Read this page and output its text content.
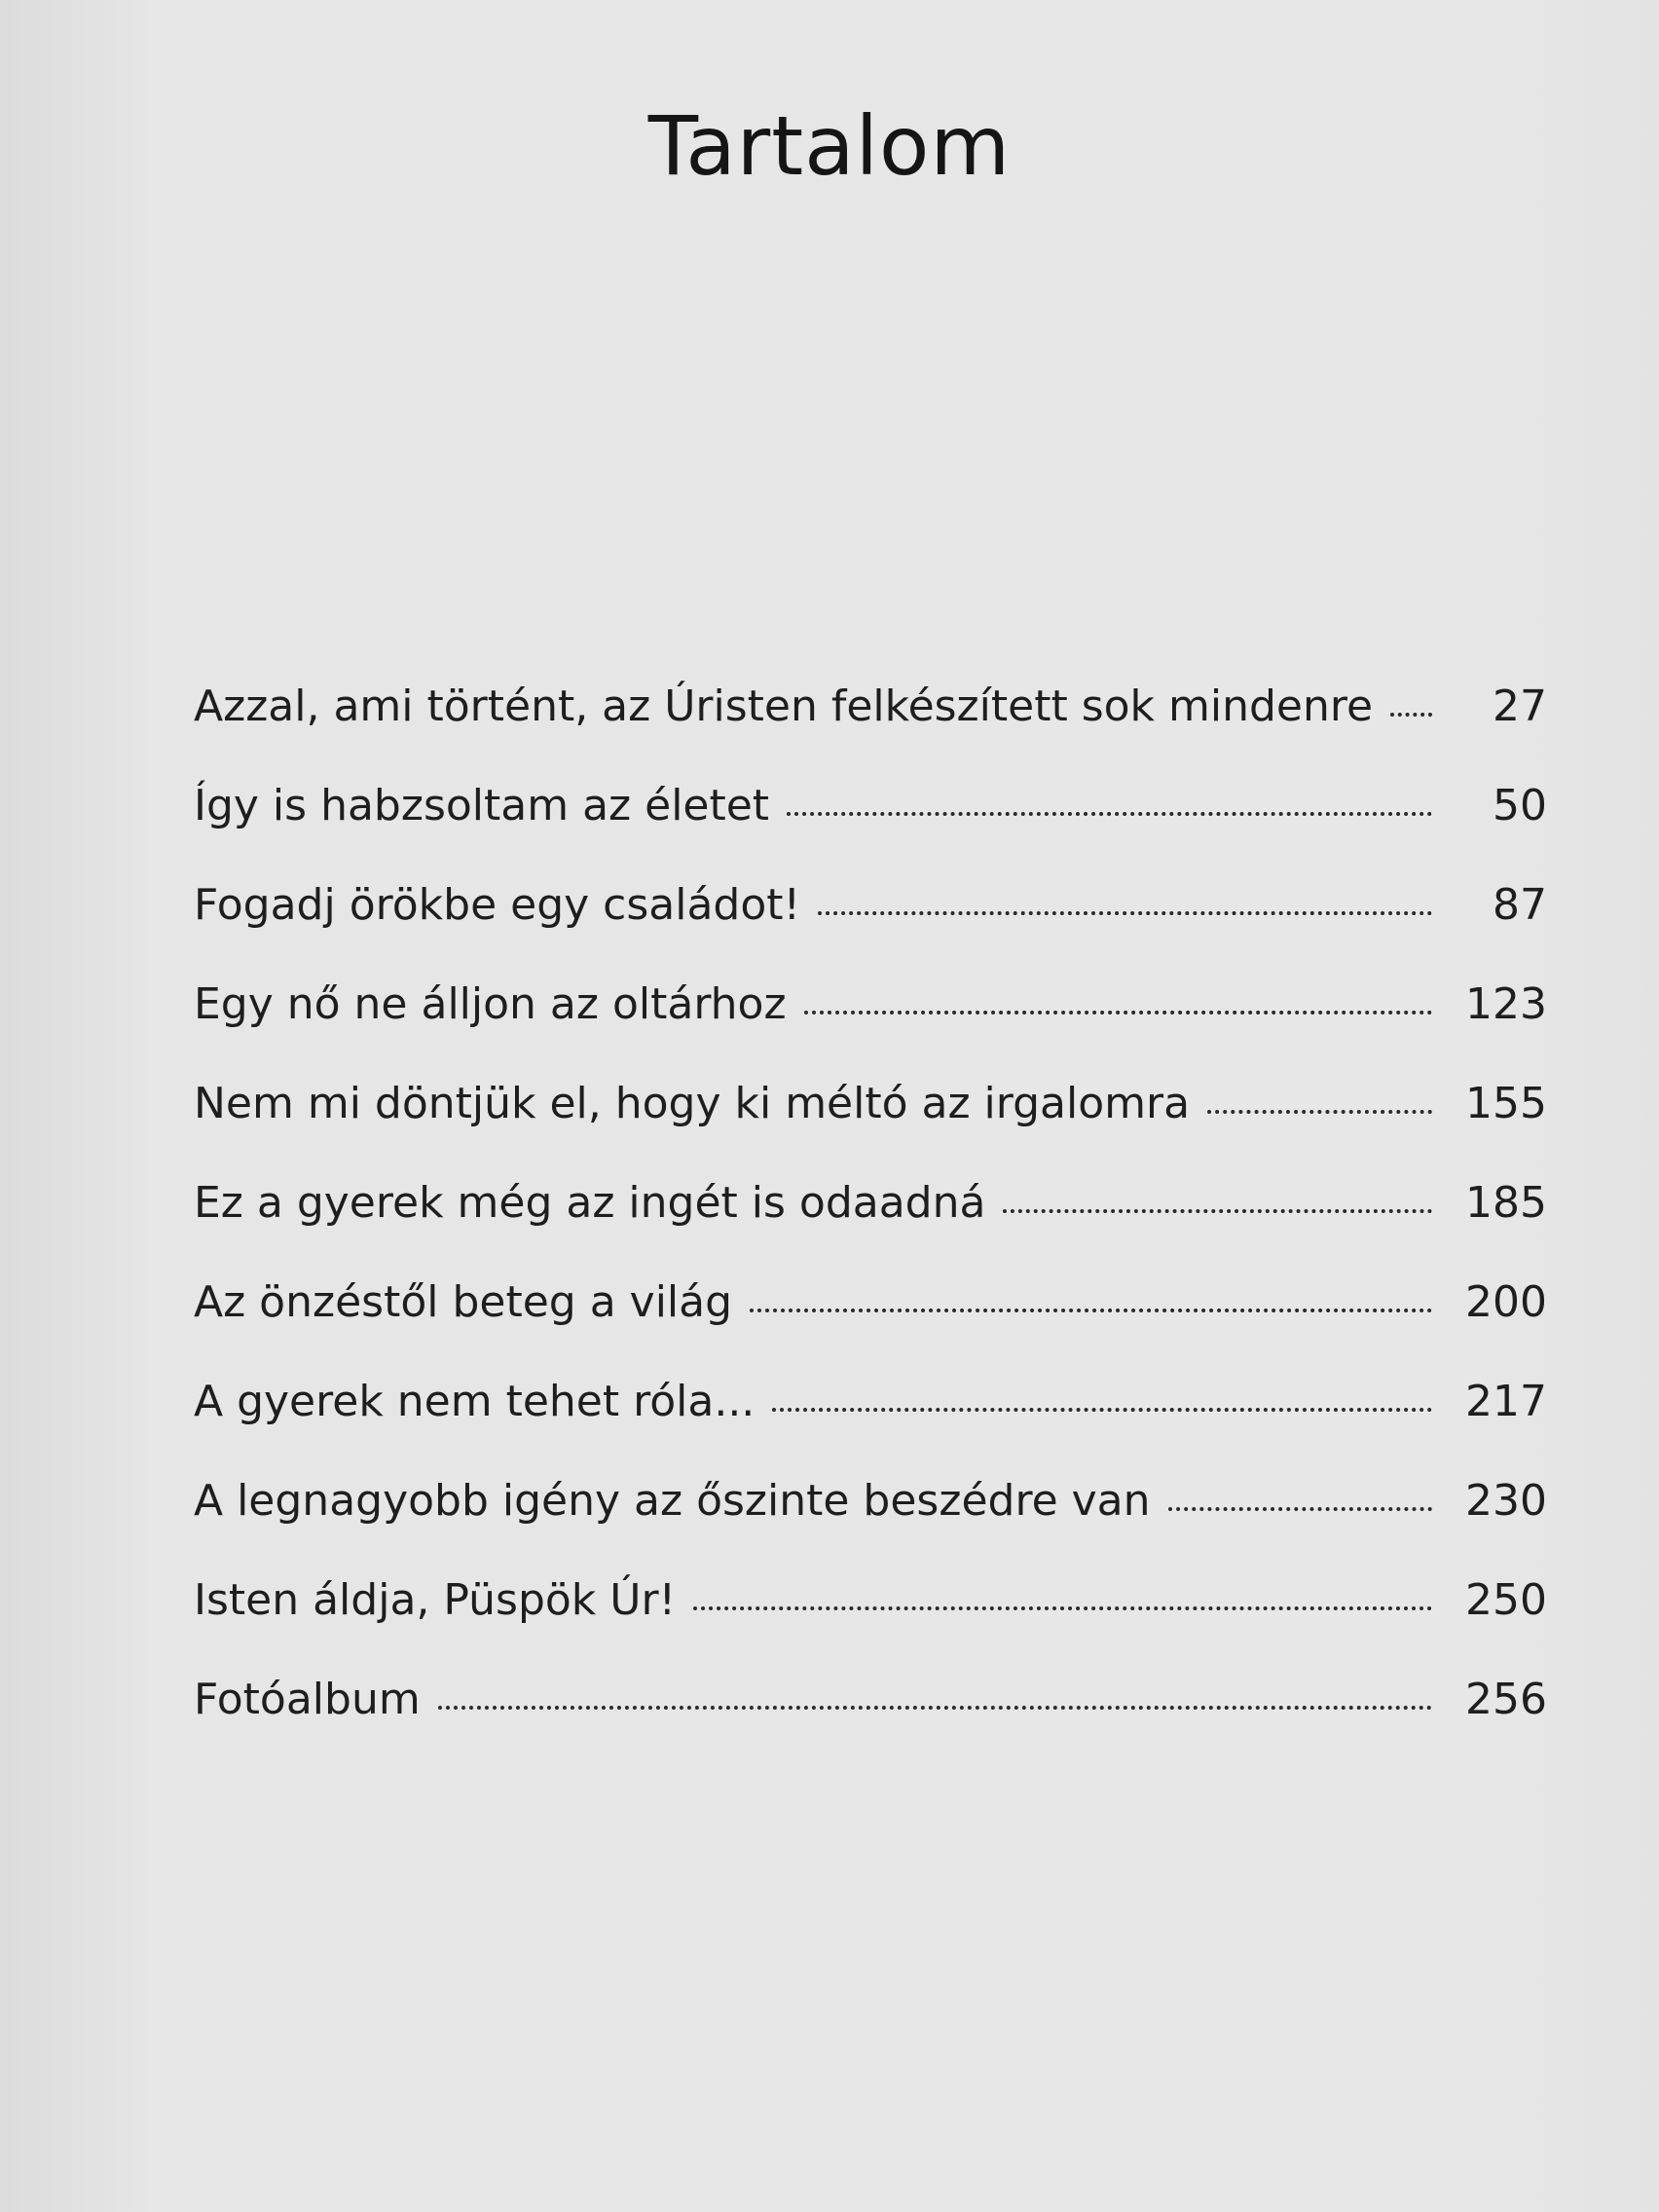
Tartalom
Azzal, ami történt, az Úristen felkészített sok mindenre	27
Így is habzsoltam az életet	50
Fogadj örökbe egy családot!	87
Egy nő ne álljon az oltárhoz	123
Nem mi döntjük el, hogy ki méltó az irgalomra	155
Ez a gyerek még az ingét is odaadná	185
Az önzéstől beteg a világ	200
A gyerek nem tehet róla...	217
A legnagyobb igény az őszinte beszédre van	230
Isten áldja, Püspök Úr!	250
Fotóalbum	256
